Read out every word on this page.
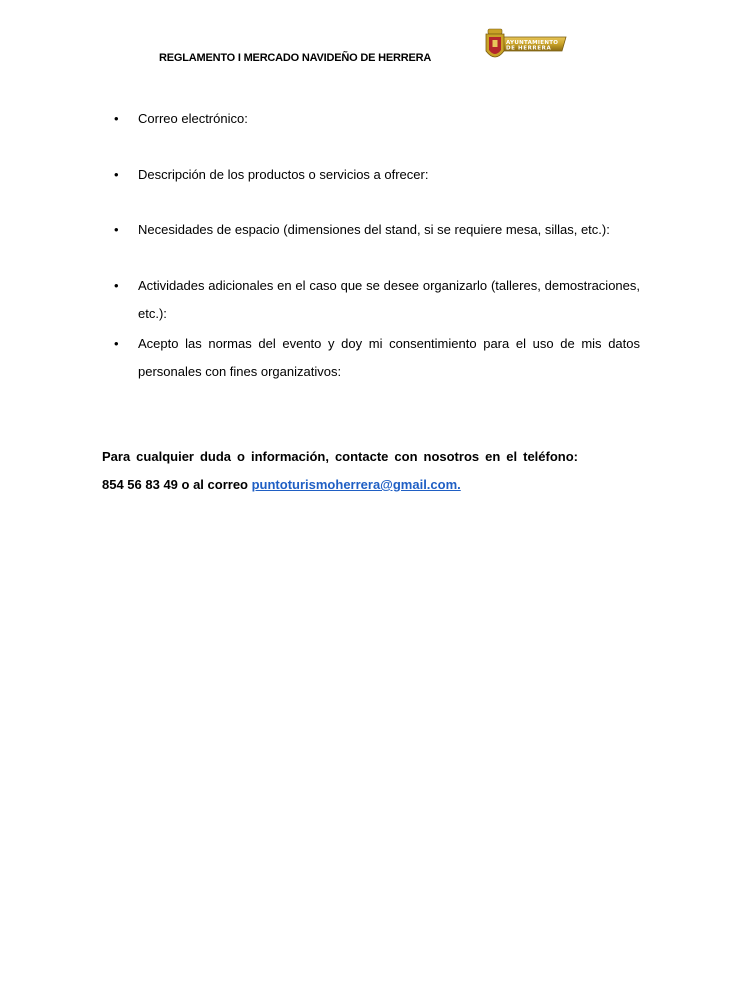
REGLAMENTO I MERCADO NAVIDEÑO DE HERRERA
AYUNTAMIENTO
DE HERRERA
•	Correo electrónico:
•	Descripción de los productos o servicios a ofrecer:
•	Necesidades de espacio (dimensiones del stand, si se requiere mesa, sillas, etc.):
•	Actividades adicionales en el caso que se desee organizarlo (talleres, demostraciones, etc.):
•	Acepto las normas del evento y doy mi consentimiento para el uso de mis datos personales con fines organizativos:
Para cualquier duda o información, contacte con nosotros en el teléfono:
854 56 83 49 o al correo puntoturismoherrera@gmail.com.
